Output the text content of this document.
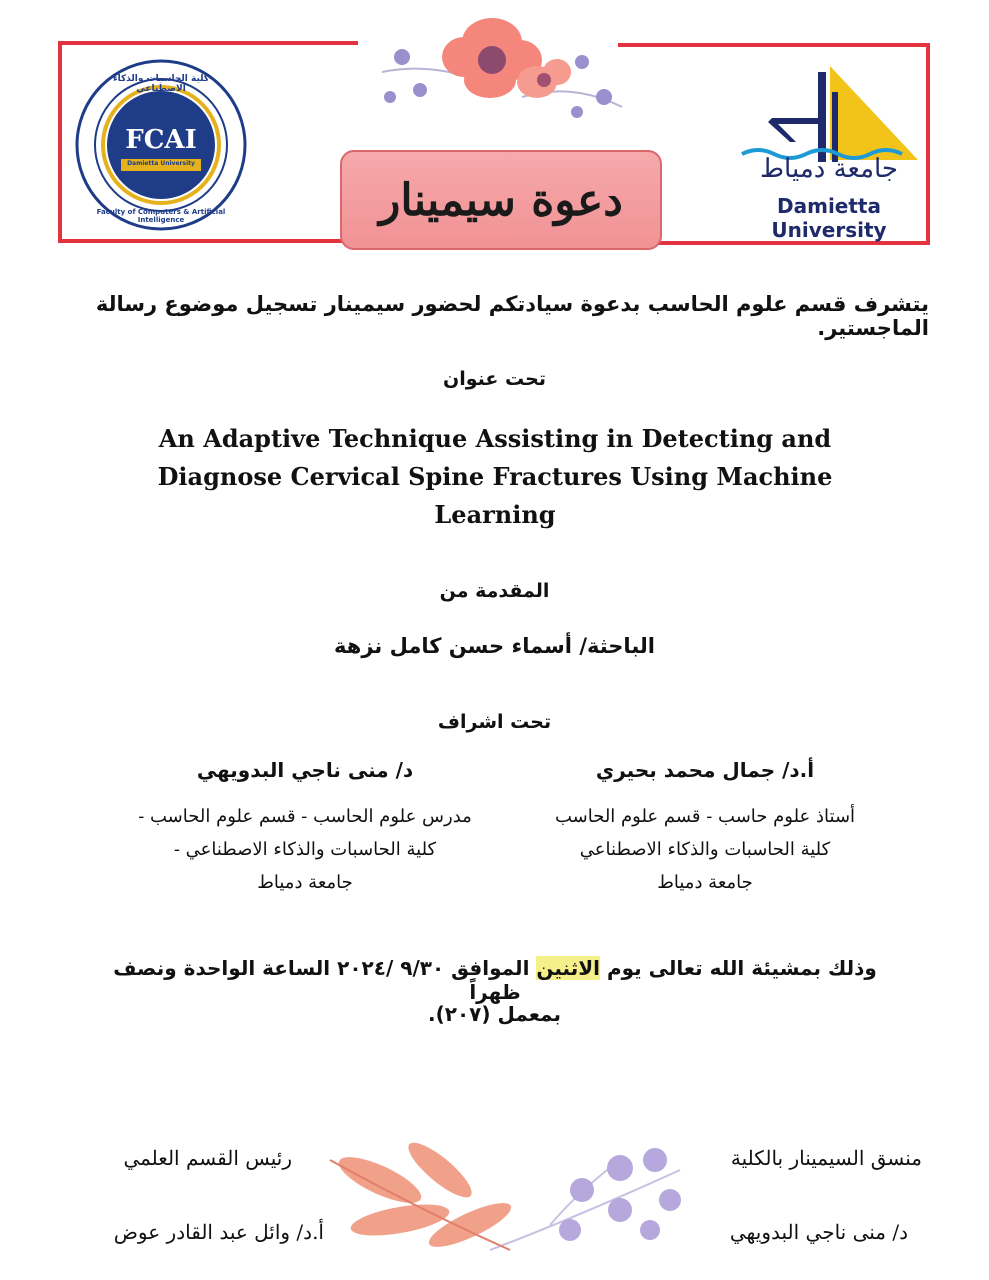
FCAI
Damietta University
كلية الحاسبات والذكاء الاصطناعي
Faculty of Computers & Artificial Intelligence
جامعة دمياط
Damietta University
دعوة سيمينار
يتشرف قسم علوم الحاسب بدعوة سيادتكم لحضور سيمينار تسجيل موضوع رسالة الماجستير.
تحت عنوان
An Adaptive Technique Assisting in Detecting and
Diagnose Cervical Spine Fractures Using Machine
Learning
المقدمة من
الباحثة/ أسماء حسن كامل نزهة
تحت اشراف
أ.د/ جمال محمد بحيري
أستاذ علوم حاسب - قسم علوم الحاسب
كلية الحاسبات والذكاء الاصطناعي
جامعة دمياط
د/ منى ناجي البدويهي
مدرس علوم الحاسب - قسم علوم الحاسب -
كلية الحاسبات والذكاء الاصطناعي -
جامعة دمياط
وذلك بمشيئة الله تعالى يوم الاثنين الموافق ٩/٣٠ /٢٠٢٤ الساعة الواحدة ونصف ظهراً
بمعمل (٢٠٧).
منسق السيمينار بالكلية
د/ منى ناجي البدويهي
رئيس القسم العلمي
أ.د/ وائل عبد القادر عوض
